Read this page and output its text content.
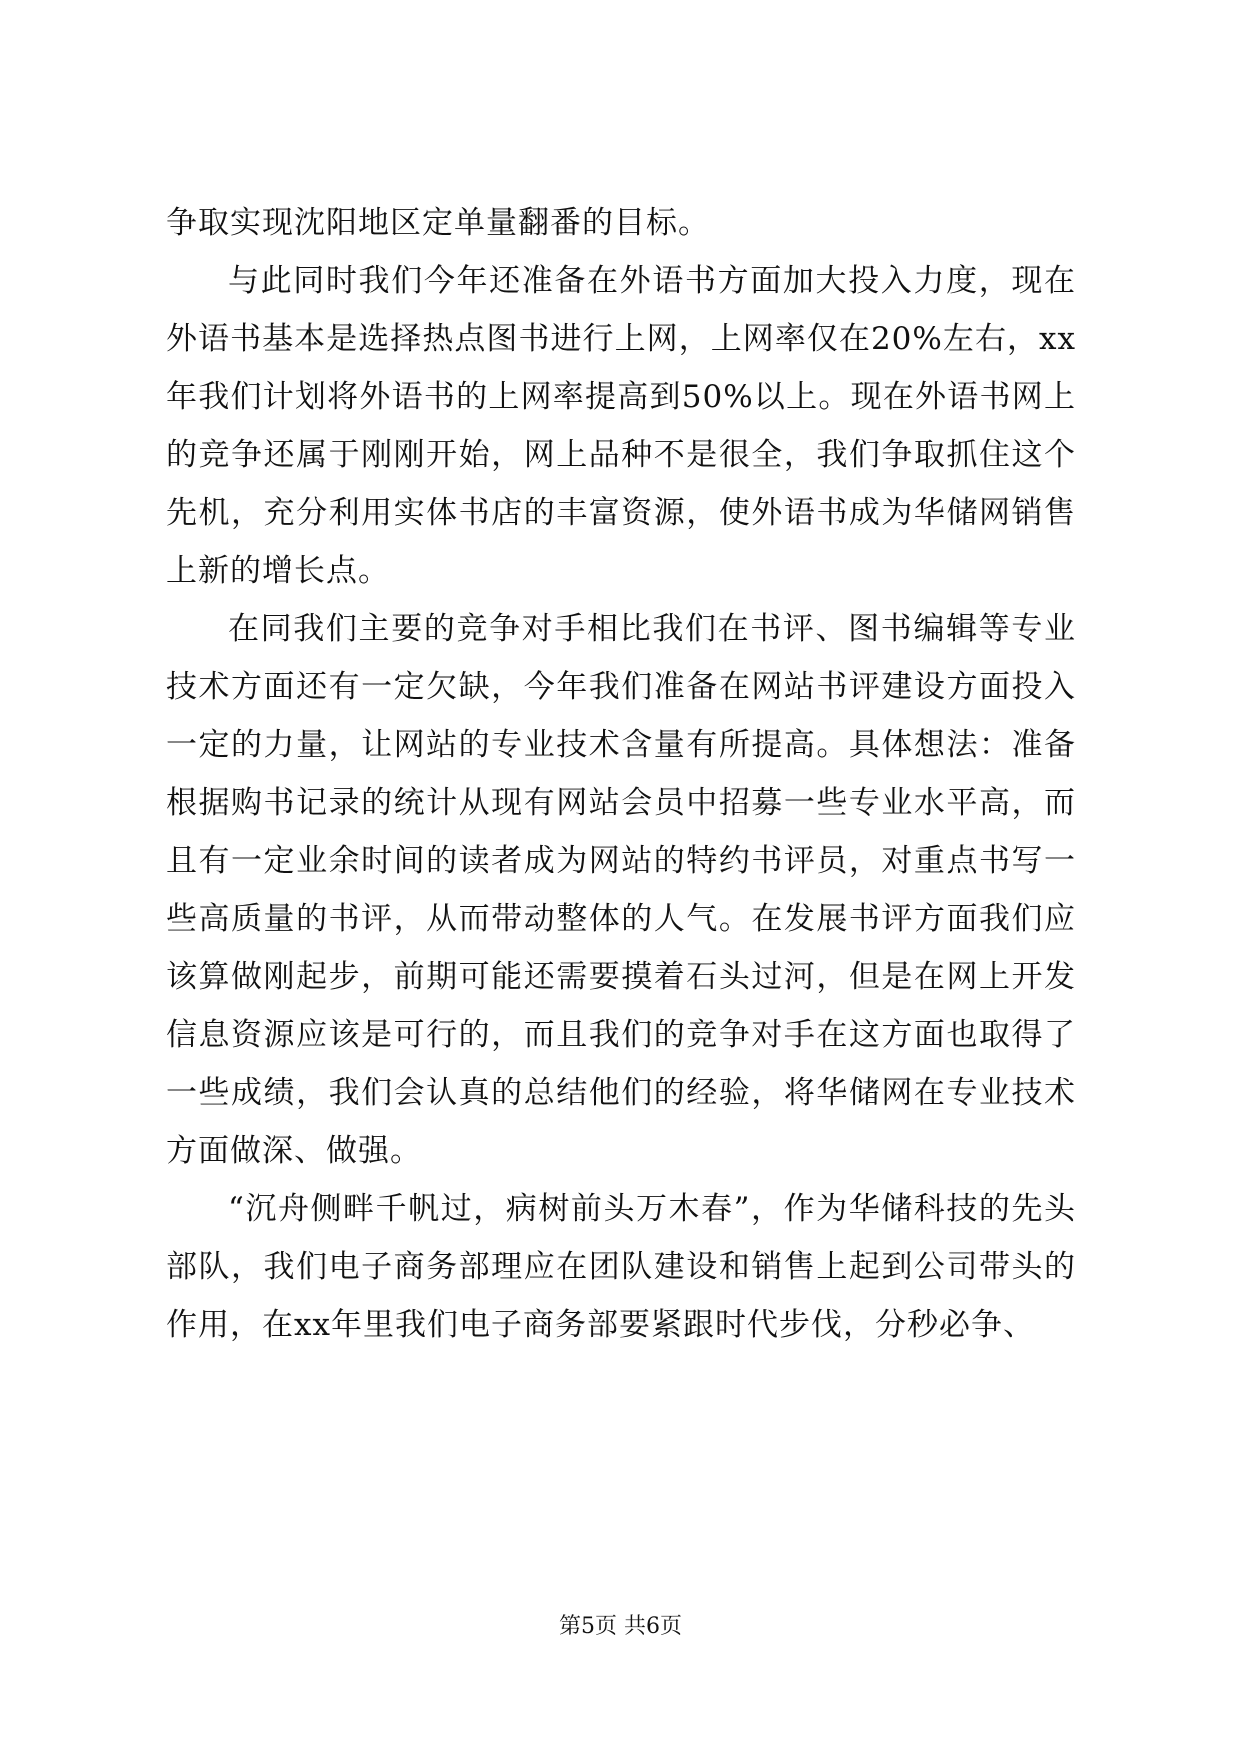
争取实现沈阳地区定单量翻番的目标。

与此同时我们今年还准备在外语书方面加大投入力度，现在外语书基本是选择热点图书进行上网，上网率仅在20%左右，xx年我们计划将外语书的上网率提高到50%以上。现在外语书网上的竞争还属于刚刚开始，网上品种不是很全，我们争取抓住这个先机，充分利用实体书店的丰富资源，使外语书成为华储网销售上新的增长点。

在同我们主要的竞争对手相比我们在书评、图书编辑等专业技术方面还有一定欠缺，今年我们准备在网站书评建设方面投入一定的力量，让网站的专业技术含量有所提高。具体想法：准备根据购书记录的统计从现有网站会员中招募一些专业水平高，而且有一定业余时间的读者成为网站的特约书评员，对重点书写一些高质量的书评，从而带动整体的人气。在发展书评方面我们应该算做刚起步，前期可能还需要摸着石头过河，但是在网上开发信息资源应该是可行的，而且我们的竞争对手在这方面也取得了一些成绩，我们会认真的总结他们的经验，将华储网在专业技术方面做深、做强。

“沉舟侧畔千帆过，病树前头万木春”，作为华储科技的先头部队，我们电子商务部理应在团队建设和销售上起到公司带头的作用，在xx年里我们电子商务部要紧跟时代步伐，分秒必争、

第5页 共6页
